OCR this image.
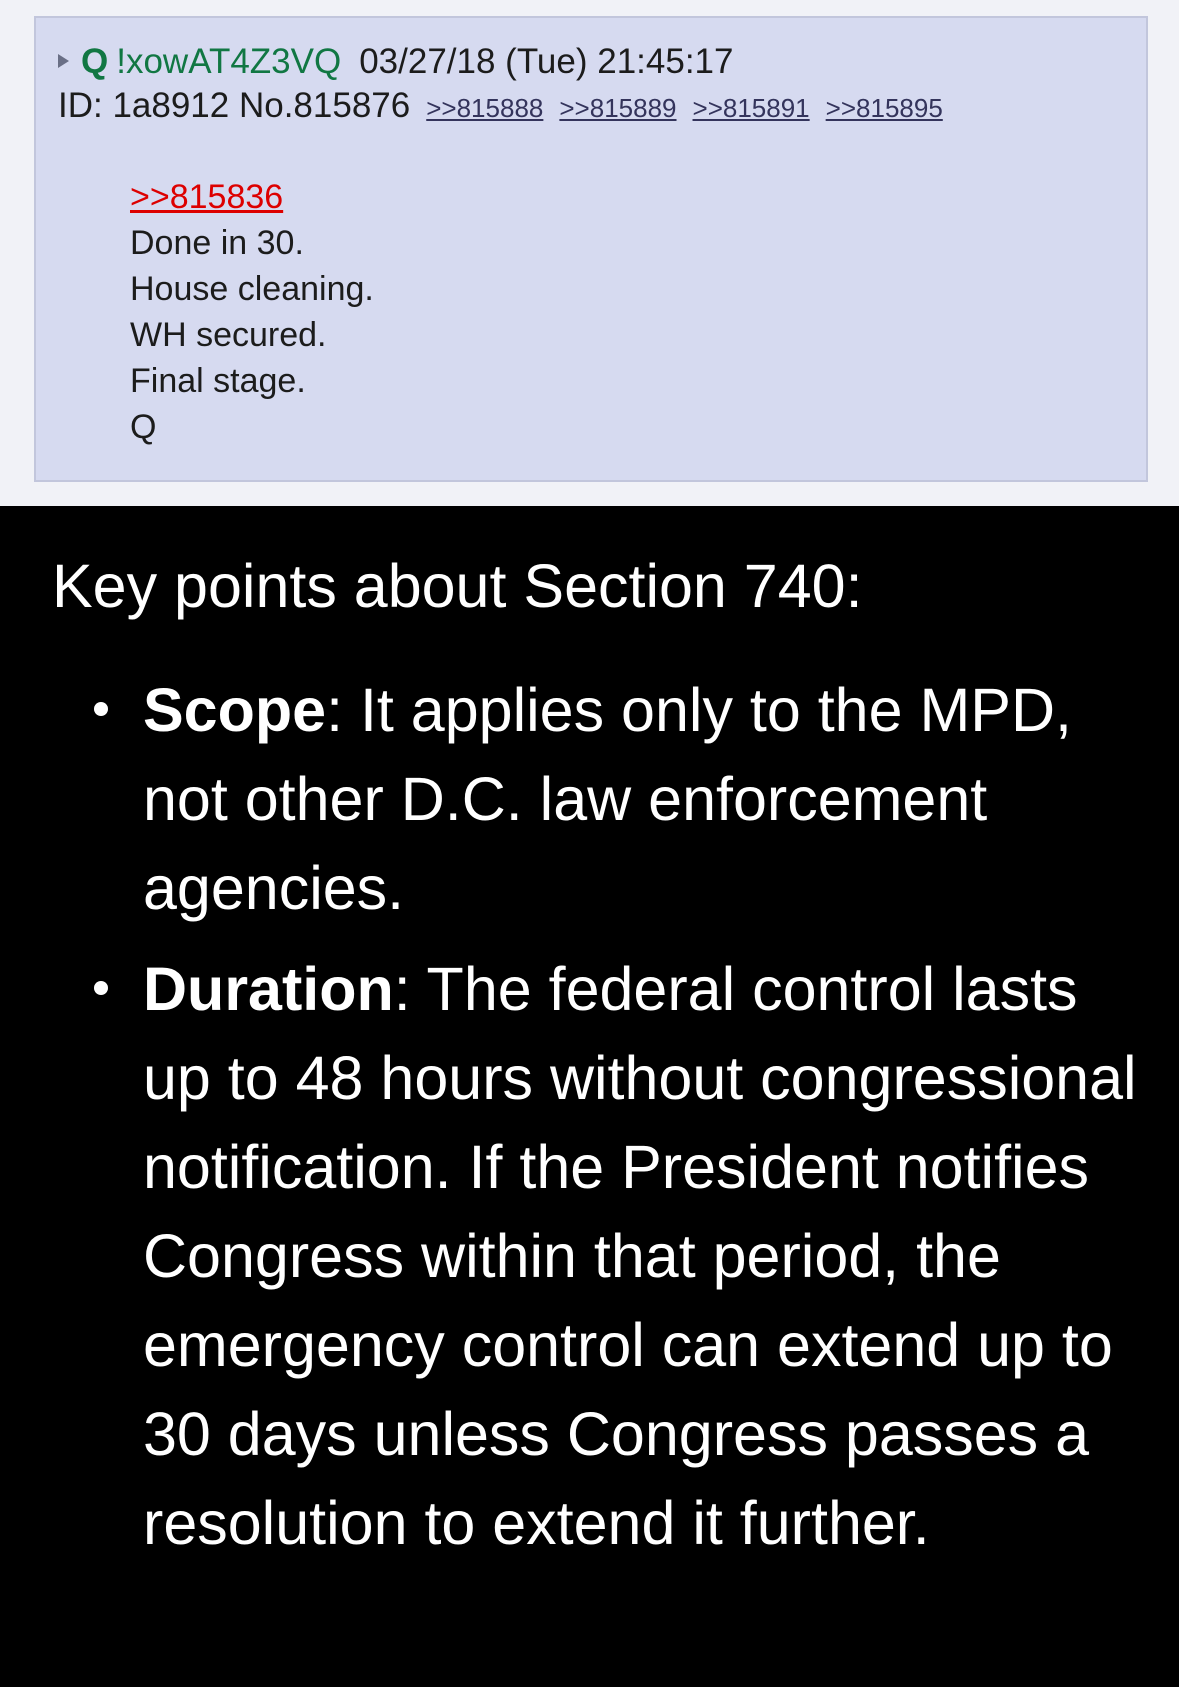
Q !xowAT4Z3VQ 03/27/18 (Tue) 21:45:17
ID: 1a8912 No.815876 >>815888 >>815889 >>815891 >>815895
>>815836
Done in 30.
House cleaning.
WH secured.
Final stage.
Q
Key points about Section 740:
Scope: It applies only to the MPD, not other D.C. law enforcement agencies.
Duration: The federal control lasts up to 48 hours without congressional notification. If the President notifies Congress within that period, the emergency control can extend up to 30 days unless Congress passes a resolution to extend it further.
